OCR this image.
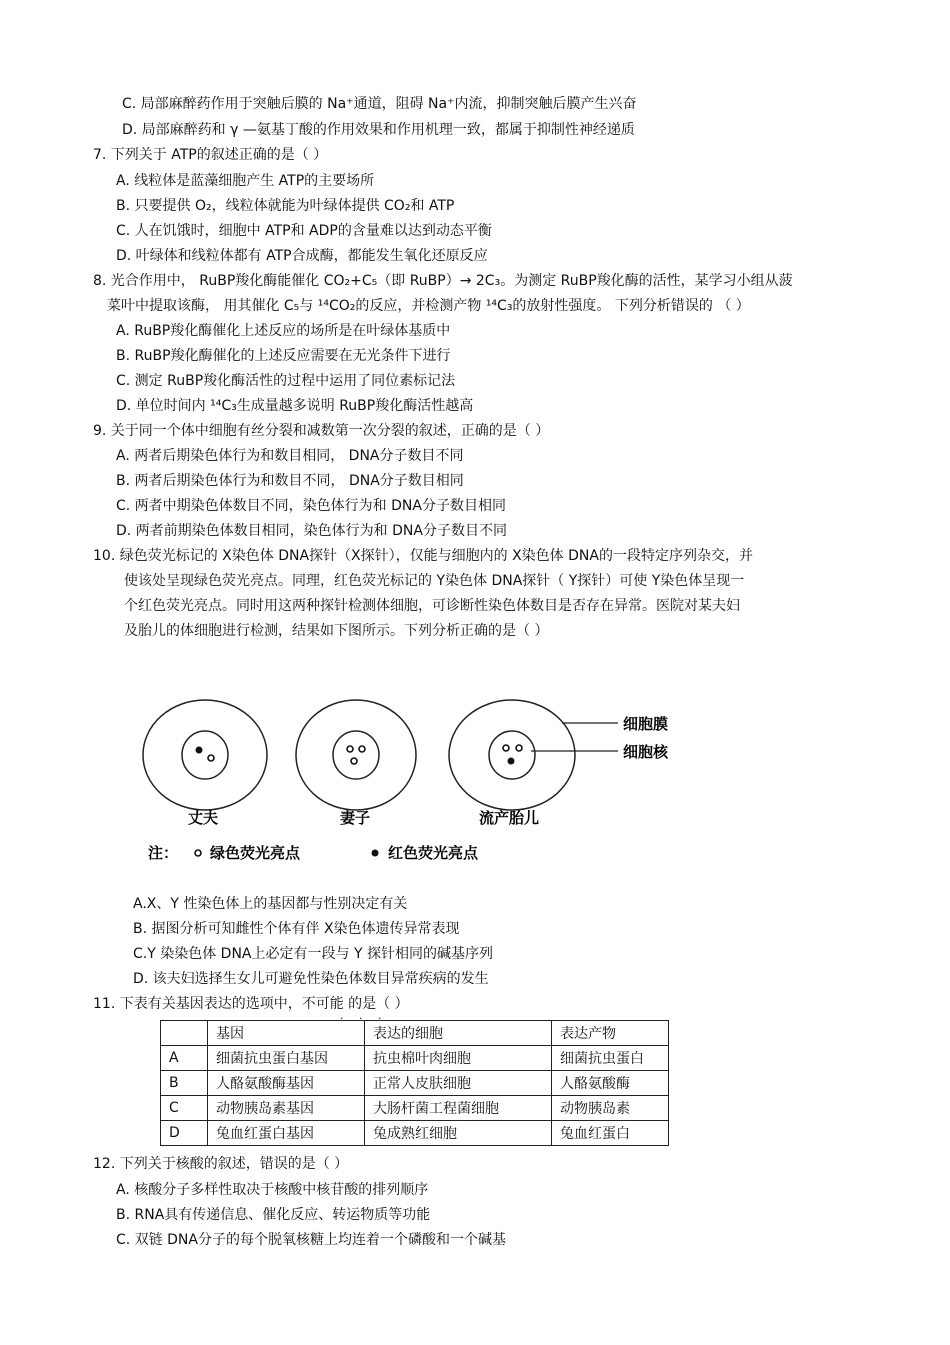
C. 局部麻醉药作用于突触后膜的 Na⁺通道，阻碍 Na⁺内流，抑制突触后膜产生兴奋
D. 局部麻醉药和 γ —氨基丁酸的作用效果和作用机理一致，都属于抑制性神经递质
7. 下列关于 ATP的叙述正确的是（ ）
A. 线粒体是蓝藻细胞产生 ATP的主要场所
B. 只要提供 O₂，线粒体就能为叶绿体提供 CO₂和 ATP
C. 人在饥饿时，细胞中 ATP和 ADP的含量难以达到动态平衡
D. 叶绿体和线粒体都有 ATP合成酶，都能发生氧化还原反应
8. 光合作用中， RuBP羧化酶能催化 CO₂+C₅（即 RuBP）→ 2C₃。为测定 RuBP羧化酶的活性，某学习小组从菠
菜叶中提取该酶， 用其催化 C₅与 ¹⁴CO₂的反应，并检测产物 ¹⁴C₃的放射性强度。 下列分析错误的 （ ）
A. RuBP羧化酶催化上述反应的场所是在叶绿体基质中
B. RuBP羧化酶催化的上述反应需要在无光条件下进行
C. 测定 RuBP羧化酶活性的过程中运用了同位素标记法
D. 单位时间内 ¹⁴C₃生成量越多说明 RuBP羧化酶活性越高
9. 关于同一个体中细胞有丝分裂和减数第一次分裂的叙述，正确的是（ ）
A. 两者后期染色体行为和数目相同， DNA分子数目不同
B. 两者后期染色体行为和数目不同， DNA分子数目相同
C. 两者中期染色体数目不同，染色体行为和 DNA分子数目相同
D. 两者前期染色体数目相同，染色体行为和 DNA分子数目不同
10. 绿色荧光标记的 X染色体 DNA探针（X探针），仅能与细胞内的 X染色体 DNA的一段特定序列杂交，并
使该处呈现绿色荧光亮点。同理，红色荧光标记的 Y染色体 DNA探针（ Y探针）可使 Y染色体呈现一
个红色荧光亮点。同时用这两种探针检测体细胞，可诊断性染色体数目是否存在异常。医院对某夫妇
及胎儿的体细胞进行检测，结果如下图所示。下列分析正确的是（ ）
A.X、Y 性染色体上的基因都与性别决定有关
B. 据图分析可知雌性个体有伴 X染色体遗传异常表现
C.Y 染染色体 DNA上必定有一段与 Y 探针相同的碱基序列
D. 该夫妇选择生女儿可避免性染色体数目异常疾病的发生
11. 下表有关基因表达的选项中，不可能 的是（ ）
12. 下列关于核酸的叙述，错误的是（ ）
A. 核酸分子多样性取决于核酸中核苷酸的排列顺序
B. RNA具有传递信息、催化反应、转运物质等功能
C. 双链 DNA分子的每个脱氧核糖上均连着一个磷酸和一个碱基
细胞膜
细胞核
丈夫	妻子	流产胎儿
注： 绿色荧光亮点	红色荧光亮点
· · ·
	基因	表达的细胞	表达产物
A	细菌抗虫蛋白基因	抗虫棉叶肉细胞	细菌抗虫蛋白
B	人酪氨酸酶基因	正常人皮肤细胞	人酪氨酸酶
C	动物胰岛素基因	大肠杆菌工程菌细胞	动物胰岛素
D	兔血红蛋白基因	兔成熟红细胞	兔血红蛋白
